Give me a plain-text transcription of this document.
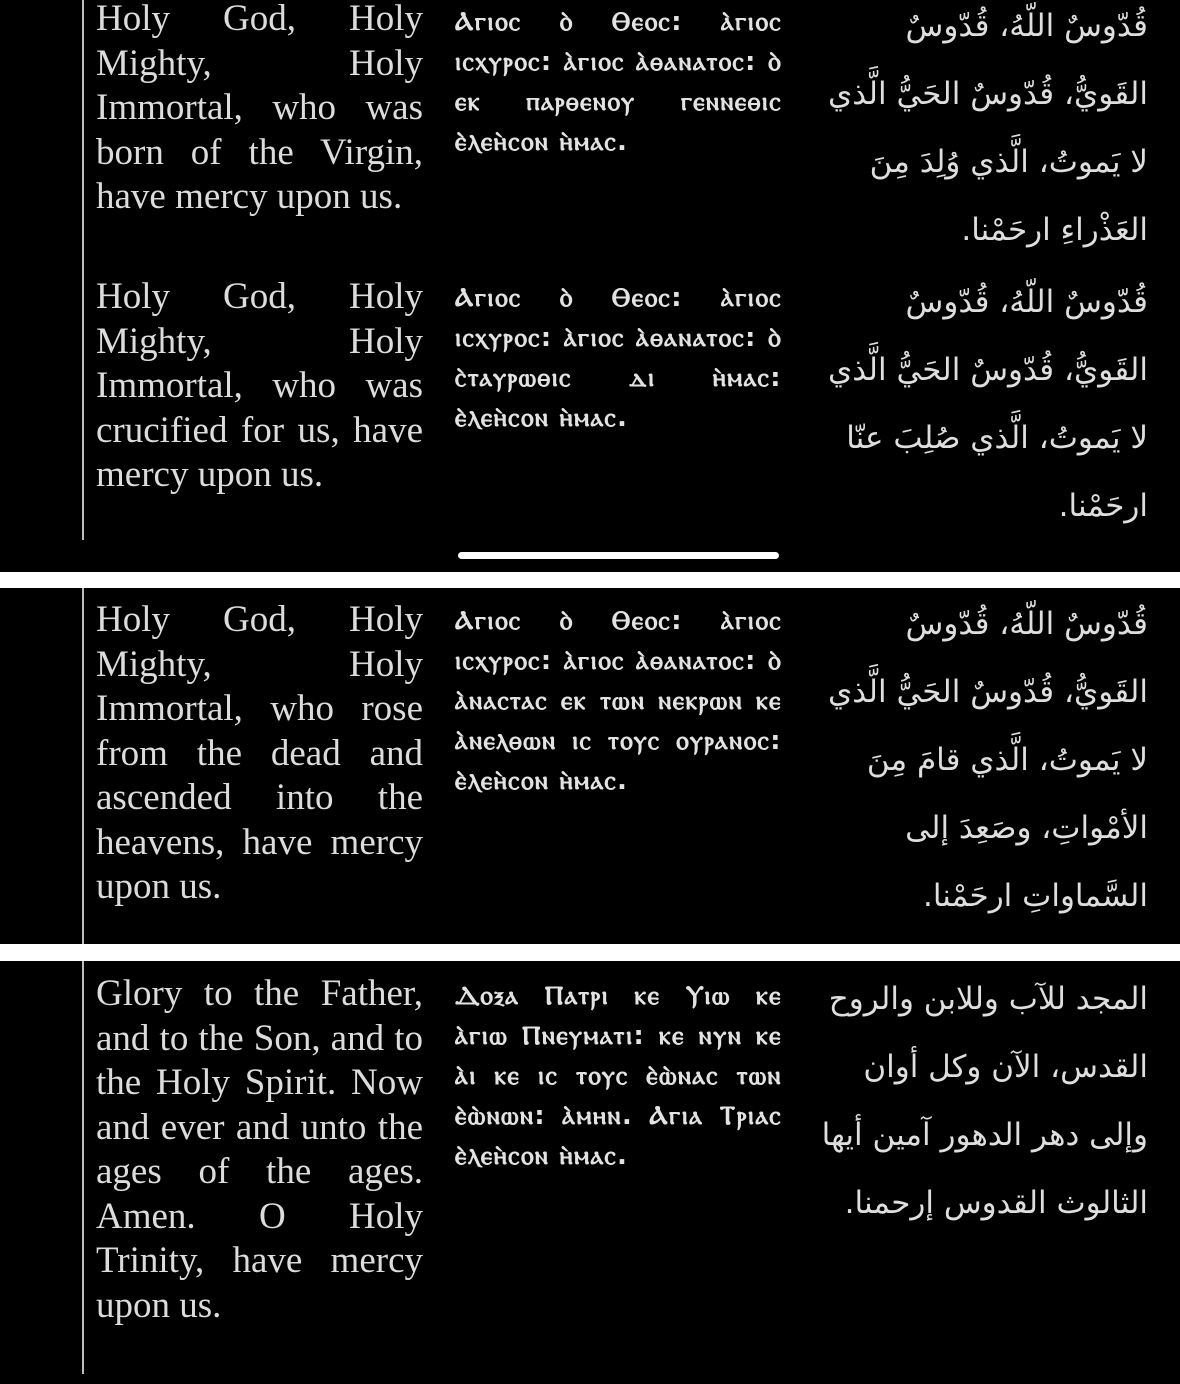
Holy God, Holy Mighty, Holy Immortal, who was born of the Virgin, have mercy upon us.
Ⲁⲅⲓⲟⲥ ⲟ̀ Ⲑⲉⲟⲥ: ⲁ̀ⲅⲓⲟⲥ ⲓⲥⲭⲩⲣⲟⲥ: ⲁ̀ⲅⲓⲟⲥ ⲁ̀ⲑⲁⲛⲁⲧⲟⲥ: ⲟ̀ ⲉⲕ ⲡⲁⲣⲑⲉⲛⲟⲩ ⲅⲉⲛⲛⲉⲑⲓⲥ ⲉ̀ⲗⲉⲏ̀ⲥⲟⲛ ⲏ̀ⲙⲁⲥ.
قُدّوسٌ اللّهُ، قُدّوسٌ القَويُّ، قُدّوسٌ الحَيُّ الَّذي لا يَموتُ، الَّذي وُلِدَ مِنَ العَذْراءِ ارحَمْنا.
Holy God, Holy Mighty, Holy Immortal, who was crucified for us, have mercy upon us.
Ⲁⲅⲓⲟⲥ ⲟ̀ Ⲑⲉⲟⲥ: ⲁ̀ⲅⲓⲟⲥ ⲓⲥⲭⲩⲣⲟⲥ: ⲁ̀ⲅⲓⲟⲥ ⲁ̀ⲑⲁⲛⲁⲧⲟⲥ: ⲟ̀ ⲥ̀ⲧⲁⲩⲣⲱⲑⲓⲥ ⲇⲓ ⲏ̀ⲙⲁⲥ: ⲉ̀ⲗⲉⲏ̀ⲥⲟⲛ ⲏ̀ⲙⲁⲥ.
قُدّوسٌ اللّهُ، قُدّوسٌ القَويُّ، قُدّوسٌ الحَيُّ الَّذي لا يَموتُ، الَّذي صُلِبَ عنّا ارحَمْنا.
Holy God, Holy Mighty, Holy Immortal, who rose from the dead and ascended into the heavens, have mercy upon us.
Ⲁⲅⲓⲟⲥ ⲟ̀ Ⲑⲉⲟⲥ: ⲁ̀ⲅⲓⲟⲥ ⲓⲥⲭⲩⲣⲟⲥ: ⲁ̀ⲅⲓⲟⲥ ⲁ̀ⲑⲁⲛⲁⲧⲟⲥ: ⲟ̀ ⲁ̀ⲛⲁⲥⲧⲁⲥ ⲉⲕ ⲧⲱⲛ ⲛⲉⲕⲣⲱⲛ ⲕⲉ ⲁ̀ⲛⲉⲗⲑⲱⲛ ⲓⲥ ⲧⲟⲩⲥ ⲟⲩⲣⲁⲛⲟⲥ: ⲉ̀ⲗⲉⲏ̀ⲥⲟⲛ ⲏ̀ⲙⲁⲥ.
قُدّوسٌ اللّهُ، قُدّوسٌ القَويُّ، قُدّوسٌ الحَيُّ الَّذي لا يَموتُ، الَّذي قامَ مِنَ الأمْواتِ، وصَعِدَ إلى السَّماواتِ ارحَمْنا.
Glory to the Father, and to the Son, and to the Holy Spirit. Now and ever and unto the ages of the ages. Amen. O Holy Trinity, have mercy upon us.
Ⲇⲟⲝⲁ Ⲡⲁⲧⲣⲓ ⲕⲉ Ⲩⲓⲱ ⲕⲉ ⲁ̀ⲅⲓⲱ Ⲡⲛⲉⲩⲙⲁⲧⲓ: ⲕⲉ ⲛⲩⲛ ⲕⲉ ⲁ̀ⲓ ⲕⲉ ⲓⲥ ⲧⲟⲩⲥ ⲉ̀ⲱ̀ⲛⲁⲥ ⲧⲱⲛ ⲉ̀ⲱ̀ⲛⲱⲛ: ⲁ̀ⲙⲏⲛ. Ⲁⲅⲓⲁ Ⲧⲣⲓⲁⲥ ⲉ̀ⲗⲉⲏ̀ⲥⲟⲛ ⲏ̀ⲙⲁⲥ.
المجد للآب وللابن والروح القدس، الآن وكل أوان وإلى دهر الدهور آمين أيها الثالوث القدوس إرحمنا.
